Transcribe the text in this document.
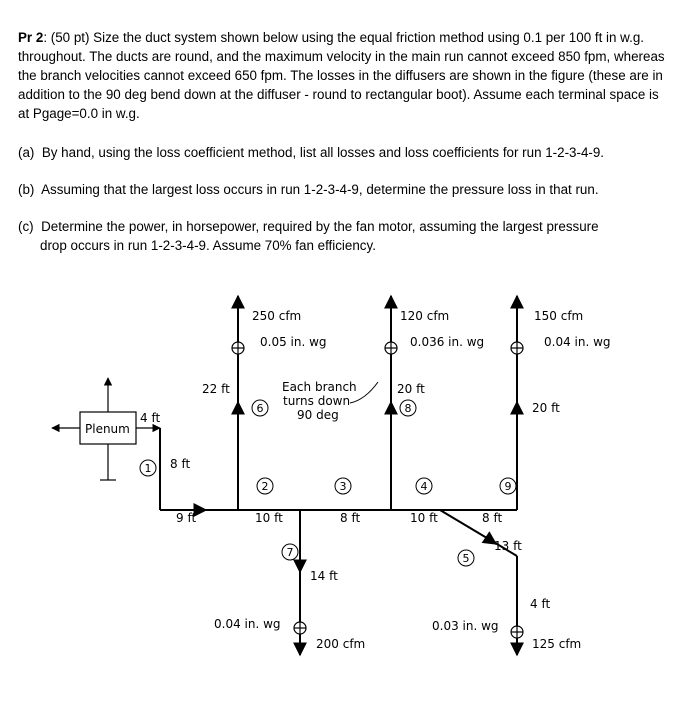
Pr 2: (50 pt) Size the duct system shown below using the equal friction method using 0.1 per 100 ft in w.g. throughout. The ducts are round, and the maximum velocity in the main run cannot exceed 850 fpm, whereas the branch velocities cannot exceed 650 fpm. The losses in the diffusers are shown in the figure (these are in addition to the 90 deg bend down at the diffuser - round to rectangular boot). Assume each terminal space is at Pgage=0.0 in w.g.
(a) By hand, using the loss coefficient method, list all losses and loss coefficients for run 1-2-3-4-9.
(b) Assuming that the largest loss occurs in run 1-2-3-4-9, determine the pressure loss in that run.
(c) Determine the power, in horsepower, required by the fan motor, assuming the largest pressure
drop occurs in run 1-2-3-4-9. Assume 70% fan efficiency.
1
2	3	4
5
6
7
8
9
Plenum
4 ft
8 ft
9 ft
22 ft
10 ft	8 ft
20 ft
10 ft	8 ft
20 ft
14 ft
13 ft
4 ft
Each branch
turns down
90 deg
250 cfm
0.05 in. wg
120 cfm
0.036 in. wg
150 cfm
0.04 in. wg
200 cfm
0.04 in. wg
125 cfm
0.03 in. wg
